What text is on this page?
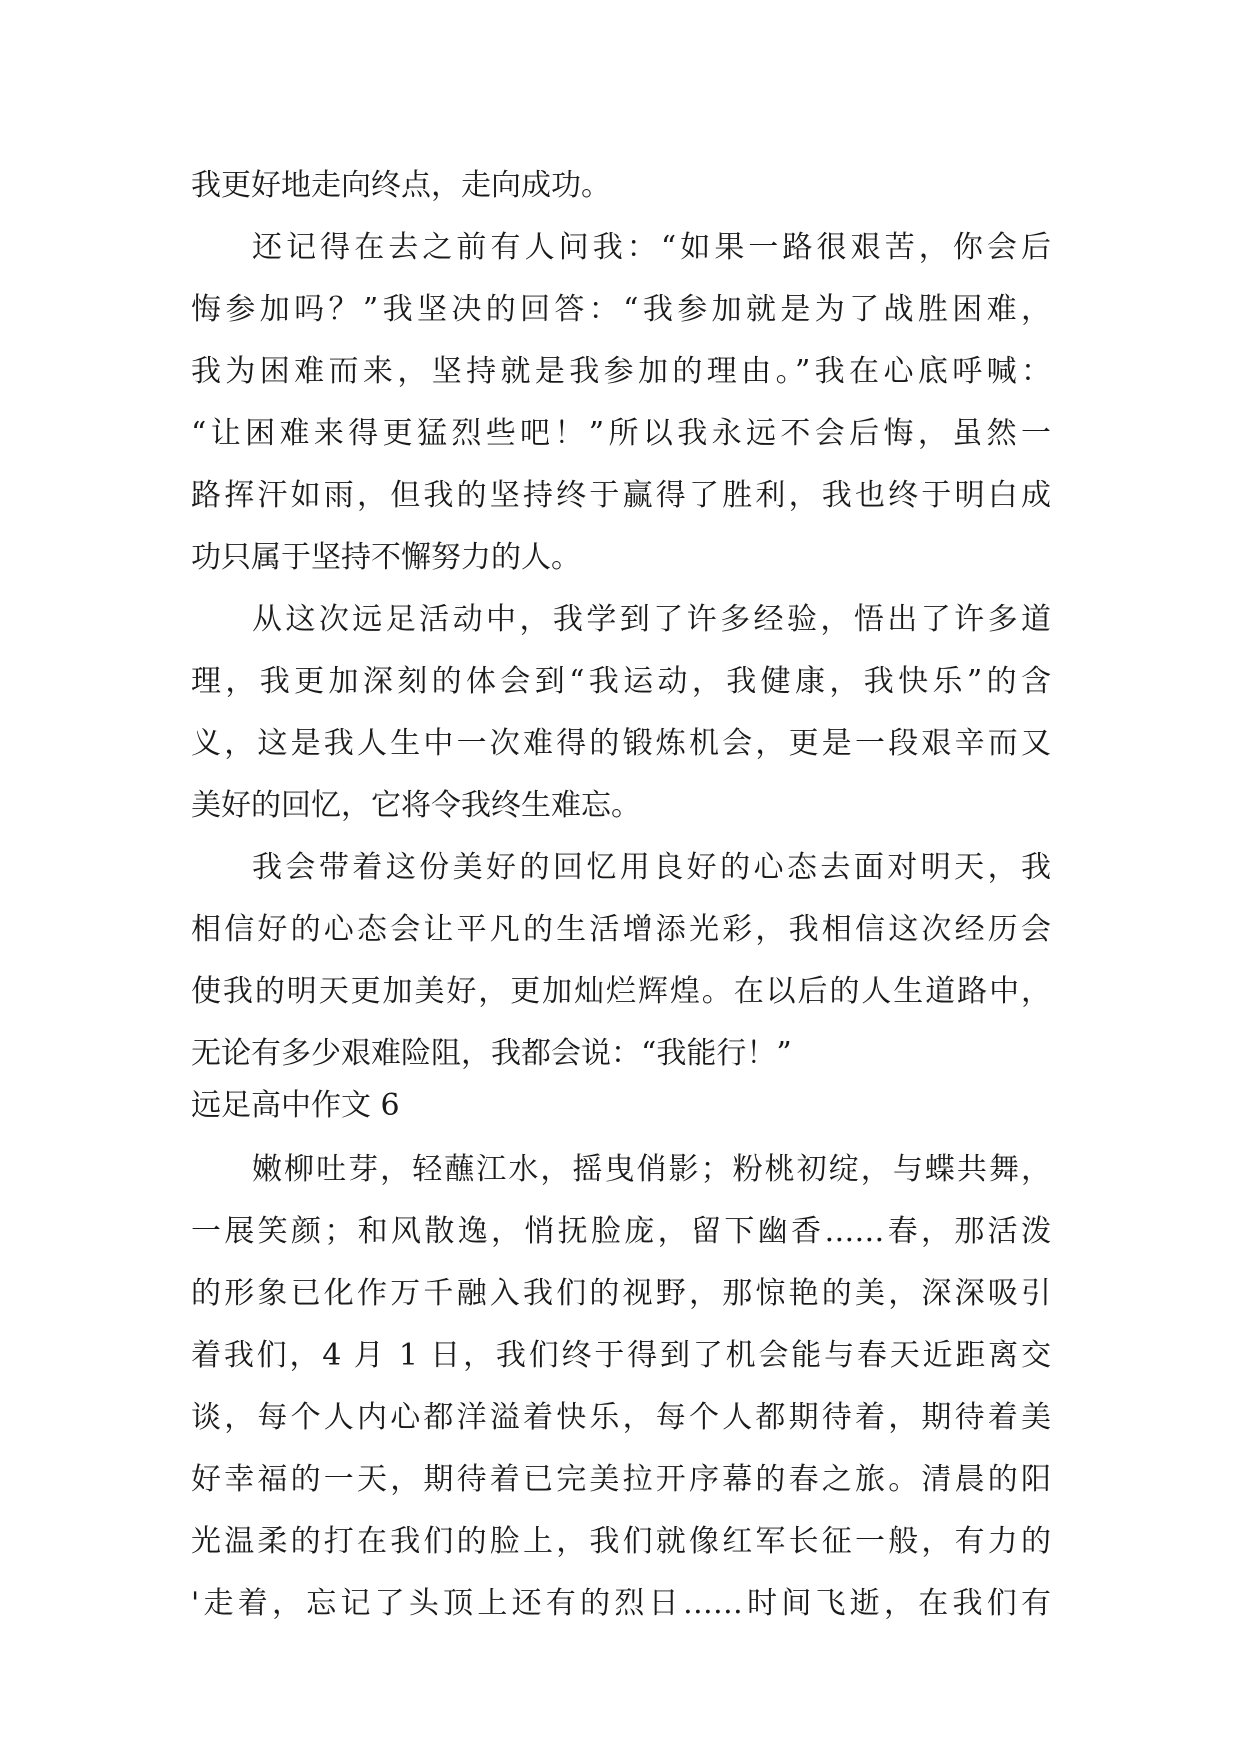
我更好地走向终点，走向成功。
还记得在去之前有人问我：“如果一路很艰苦，你会后
悔参加吗？”我坚决的回答：“我参加就是为了战胜困难，
我为困难而来，坚持就是我参加的理由。”我在心底呼喊：
“让困难来得更猛烈些吧！”所以我永远不会后悔，虽然一
路挥汗如雨，但我的坚持终于赢得了胜利，我也终于明白成
功只属于坚持不懈努力的人。
从这次远足活动中，我学到了许多经验，悟出了许多道
理，我更加深刻的体会到“我运动，我健康，我快乐”的含
义，这是我人生中一次难得的锻炼机会，更是一段艰辛而又
美好的回忆，它将令我终生难忘。
我会带着这份美好的回忆用良好的心态去面对明天，我
相信好的心态会让平凡的生活增添光彩，我相信这次经历会
使我的明天更加美好，更加灿烂辉煌。在以后的人生道路中，
无论有多少艰难险阻，我都会说：“我能行！”
远足高中作文 6
嫩柳吐芽，轻蘸江水，摇曳俏影；粉桃初绽，与蝶共舞，
一展笑颜；和风散逸，悄抚脸庞，留下幽香……春，那活泼
的形象已化作万千融入我们的视野，那惊艳的美，深深吸引
着我们，4 月 1 日，我们终于得到了机会能与春天近距离交
谈，每个人内心都洋溢着快乐，每个人都期待着，期待着美
好幸福的一天，期待着已完美拉开序幕的春之旅。清晨的阳
光温柔的打在我们的脸上，我们就像红军长征一般，有力的
'走着，忘记了头顶上还有的烈日……时间飞逝，在我们有
